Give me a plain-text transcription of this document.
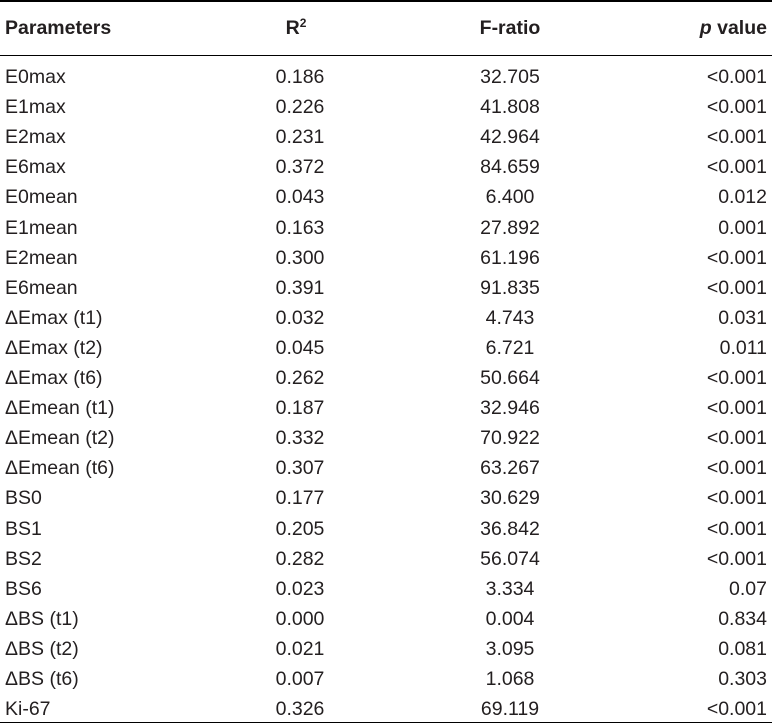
Parameters	$R^2$	F-ratio	p value
E0max	0.186	32.705	<0.001
E1max	0.226	41.808	<0.001
E2max	0.231	42.964	<0.001
E6max	0.372	84.659	<0.001
E0mean	0.043	6.400	0.012
E1mean	0.163	27.892	0.001
E2mean	0.300	61.196	<0.001
E6mean	0.391	91.835	<0.001
ΔEmax (t1)	0.032	4.743	0.031
ΔEmax (t2)	0.045	6.721	0.011
ΔEmax (t6)	0.262	50.664	<0.001
ΔEmean (t1)	0.187	32.946	<0.001
ΔEmean (t2)	0.332	70.922	<0.001
ΔEmean (t6)	0.307	63.267	<0.001
BS0	0.177	30.629	<0.001
BS1	0.205	36.842	<0.001
BS2	0.282	56.074	<0.001
BS6	0.023	3.334	0.07
ΔBS (t1)	0.000	0.004	0.834
ΔBS (t2)	0.021	3.095	0.081
ΔBS (t6)	0.007	1.068	0.303
Ki-67	0.326	69.119	<0.001
